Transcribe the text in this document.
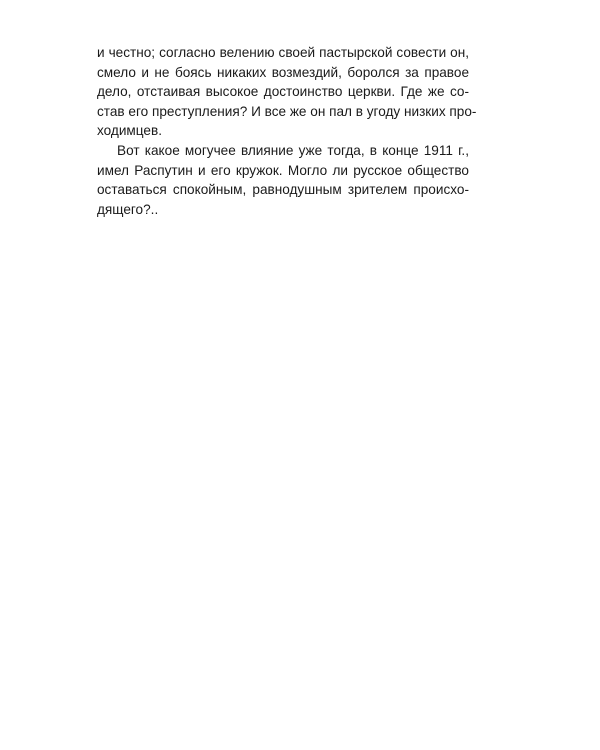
и честно; согласно велению своей пастырской совести он,
смело и не боясь никаких возмездий, боролся за правое
дело, отстаивая высокое достоинство церкви. Где же со-
став его преступления? И все же он пал в угоду низких про-
ходимцев.
Вот какое могучее влияние уже тогда, в конце 1911 г.,
имел Распутин и его кружок. Могло ли русское общество
оставаться спокойным, равнодушным зрителем происхо-
дящего?..
